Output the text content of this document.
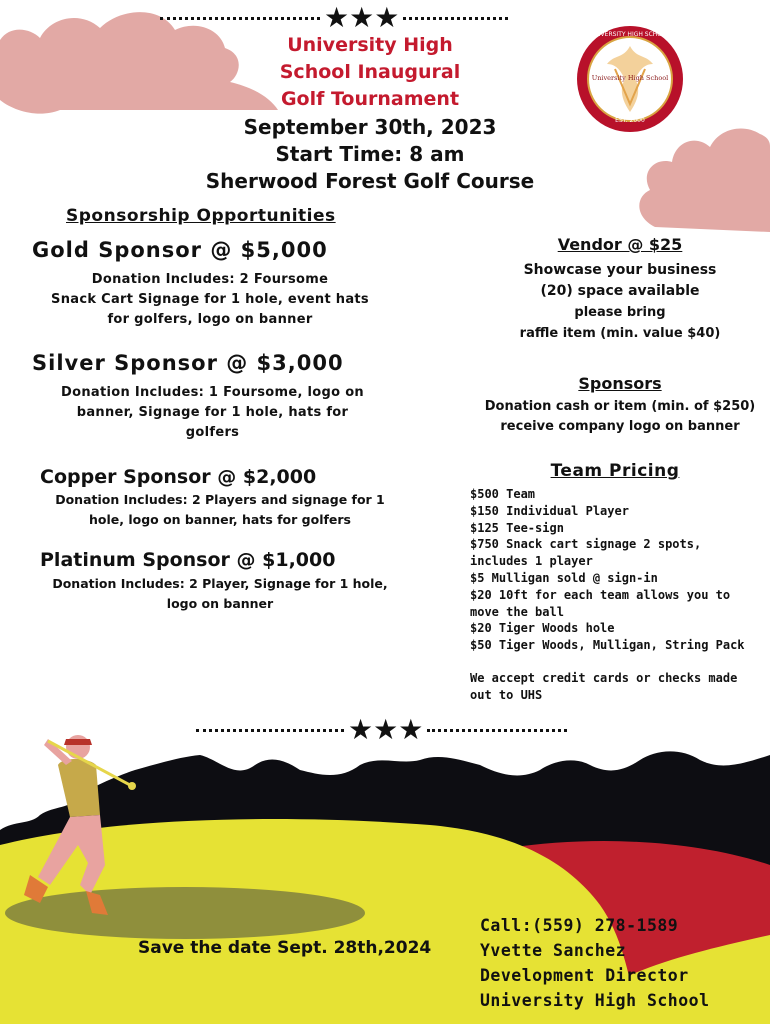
★★★
University High
School Inaugural
Golf Tournament
September 30th, 2023
Start Time: 8 am
Sherwood Forest Golf Course
UNIVERSITY HIGH SCHOOL
University High School
EST. 2000
Sponsorship Opportunities
Gold Sponsor @ $5,000
Donation Includes: 2 Foursome
Snack Cart Signage for 1 hole, event hats
for golfers, logo on banner
Silver Sponsor @ $3,000
Donation Includes: 1 Foursome, logo on
banner, Signage for 1 hole, hats for
golfers
Copper Sponsor @ $2,000
Donation Includes: 2 Players and signage for 1
hole, logo on banner, hats for golfers
Platinum Sponsor @ $1,000
Donation Includes: 2 Player, Signage for 1 hole,
logo on banner
Vendor @ $25
Showcase your business
(20) space available
please bring
raffle item (min. value $40)
Sponsors
Donation cash or item (min. of $250)
receive company logo on banner
Team Pricing
$500 Team
$150 Individual Player
$125 Tee-sign
$750 Snack cart signage 2 spots,
includes 1 player
$5 Mulligan sold @ sign-in
$20 10ft for each team allows you to
move the ball
$20 Tiger Woods hole
$50 Tiger Woods, Mulligan, String Pack
We accept credit cards or checks made
out to UHS
★★★
Save the date Sept. 28th,2024
Call:(559) 278-1589
Yvette Sanchez
Development Director
University High School
